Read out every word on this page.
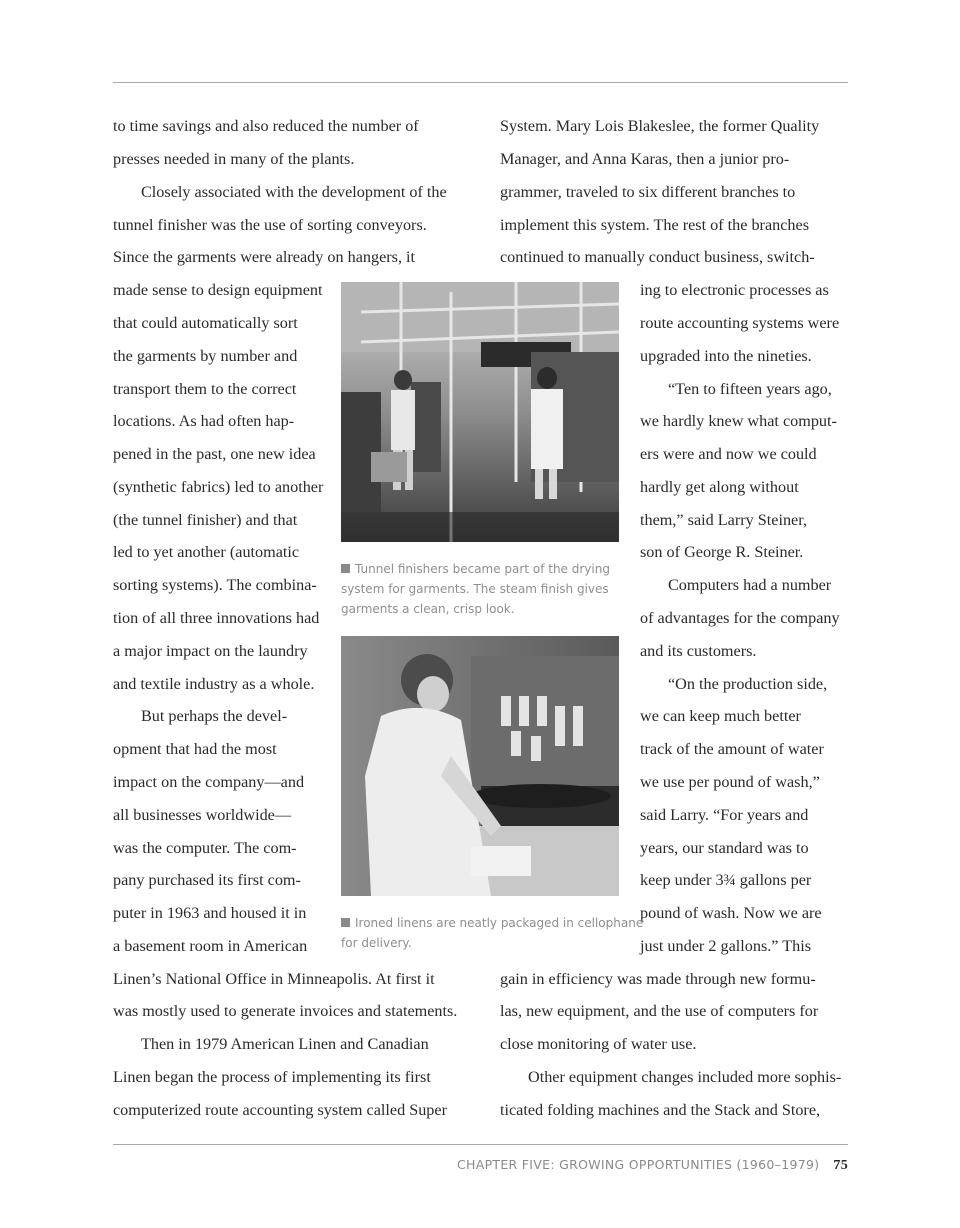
to time savings and also reduced the number of
presses needed in many of the plants.
Closely associated with the development of the
tunnel finisher was the use of sorting conveyors.
Since the garments were already on hangers, it
made sense to design equipment
that could automatically sort
the garments by number and
transport them to the correct
locations. As had often hap-
pened in the past, one new idea
(synthetic fabrics) led to another
(the tunnel finisher) and that
led to yet another (automatic
sorting systems). The combina-
tion of all three innovations had
a major impact on the laundry
and textile industry as a whole.
But perhaps the devel-
opment that had the most
impact on the company—and
all businesses worldwide—
was the computer. The com-
pany purchased its first com-
puter in 1963 and housed it in
a basement room in American
Linen’s National Office in Minneapolis. At first it
was mostly used to generate invoices and statements.
Then in 1979 American Linen and Canadian
Linen began the process of implementing its first
computerized route accounting system called Super
System. Mary Lois Blakeslee, the former Quality
Manager, and Anna Karas, then a junior pro-
grammer, traveled to six different branches to
implement this system. The rest of the branches
continued to manually conduct business, switch-
ing to electronic processes as
route accounting systems were
upgraded into the nineties.
“Ten to fifteen years ago,
we hardly knew what comput-
ers were and now we could
hardly get along without
them,” said Larry Steiner,
son of George R. Steiner.
Computers had a number
of advantages for the company
and its customers.
“On the production side,
we can keep much better
track of the amount of water
we use per pound of wash,”
said Larry. “For years and
years, our standard was to
keep under 3¾ gallons per
pound of wash. Now we are
just under 2 gallons.” This
gain in efficiency was made through new formu-
las, new equipment, and the use of computers for
close monitoring of water use.
Other equipment changes included more sophis-
ticated folding machines and the Stack and Store,
Tunnel finishers became part of the drying
system for garments. The steam finish gives
garments a clean, crisp look.
Ironed linens are neatly packaged in cellophane
for delivery.
CHAPTER FIVE: GROWING OPPORTUNITIES (1960–1979) 75
